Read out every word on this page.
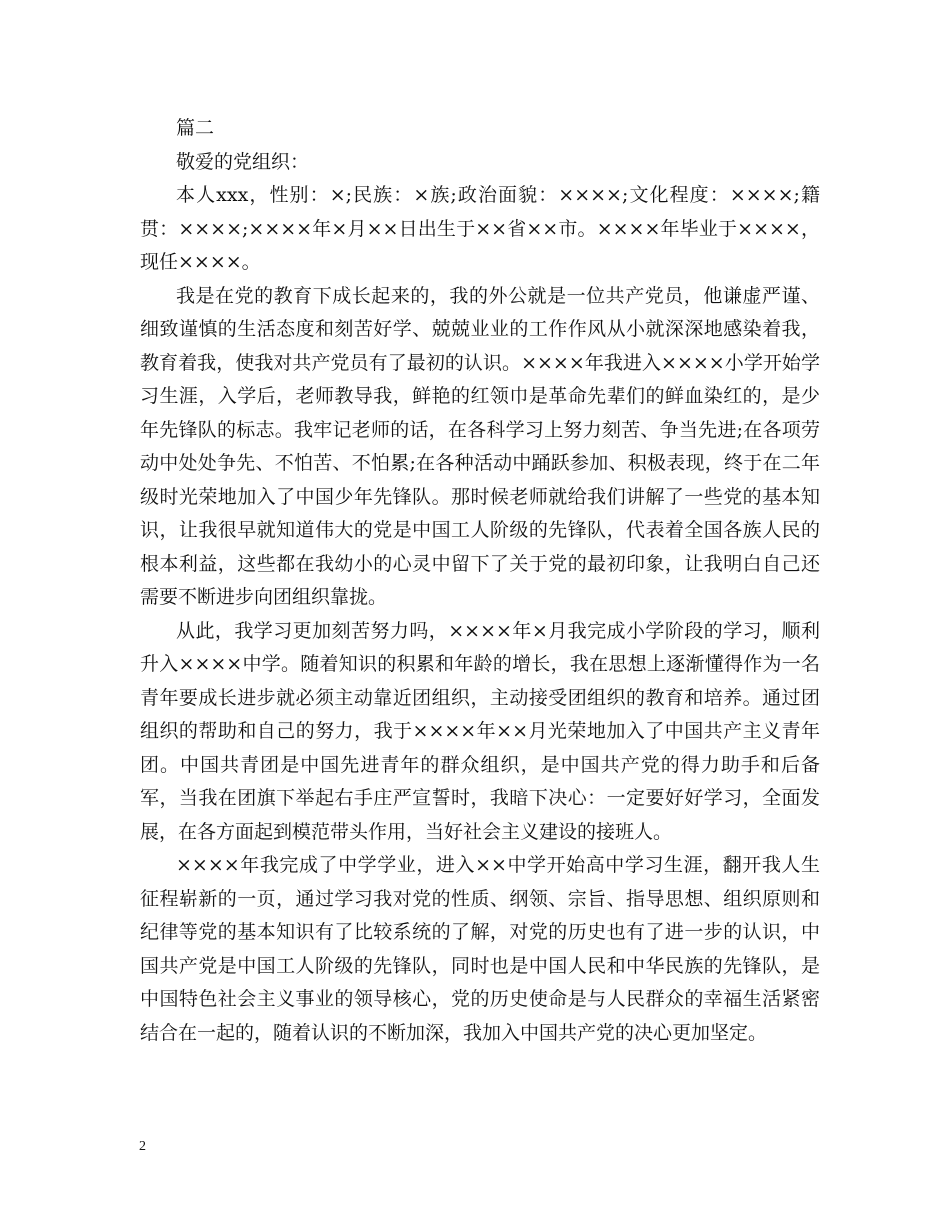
篇二

敬爱的党组织：

本人xxx，性别：×;民族：×族;政治面貌：××××;文化程度：××××;籍贯：××××;××××年×月××日出生于××省××市。××××年毕业于××××，现任××××。

我是在党的教育下成长起来的，我的外公就是一位共产党员，他谦虚严谨、细致谨慎的生活态度和刻苦好学、兢兢业业的工作作风从小就深深地感染着我，教育着我，使我对共产党员有了最初的认识。××××年我进入××××小学开始学习生涯，入学后，老师教导我，鲜艳的红领巾是革命先辈们的鲜血染红的，是少年先锋队的标志。我牢记老师的话，在各科学习上努力刻苦、争当先进;在各项劳动中处处争先、不怕苦、不怕累;在各种活动中踊跃参加、积极表现，终于在二年级时光荣地加入了中国少年先锋队。那时候老师就给我们讲解了一些党的基本知识，让我很早就知道伟大的党是中国工人阶级的先锋队，代表着全国各族人民的根本利益，这些都在我幼小的心灵中留下了关于党的最初印象，让我明白自己还需要不断进步向团组织靠拢。

从此，我学习更加刻苦努力吗，××××年×月我完成小学阶段的学习，顺利升入××××中学。随着知识的积累和年龄的增长，我在思想上逐渐懂得作为一名青年要成长进步就必须主动靠近团组织，主动接受团组织的教育和培养。通过团组织的帮助和自己的努力，我于××××年××月光荣地加入了中国共产主义青年团。中国共青团是中国先进青年的群众组织，是中国共产党的得力助手和后备军，当我在团旗下举起右手庄严宣誓时，我暗下决心：一定要好好学习，全面发展，在各方面起到模范带头作用，当好社会主义建设的接班人。

××××年我完成了中学学业，进入××中学开始高中学习生涯，翻开我人生征程崭新的一页，通过学习我对党的性质、纲领、宗旨、指导思想、组织原则和纪律等党的基本知识有了比较系统的了解，对党的历史也有了进一步的认识，中国共产党是中国工人阶级的先锋队，同时也是中国人民和中华民族的先锋队，是中国特色社会主义事业的领导核心，党的历史使命是与人民群众的幸福生活紧密结合在一起的，随着认识的不断加深，我加入中国共产党的决心更加坚定。

2
